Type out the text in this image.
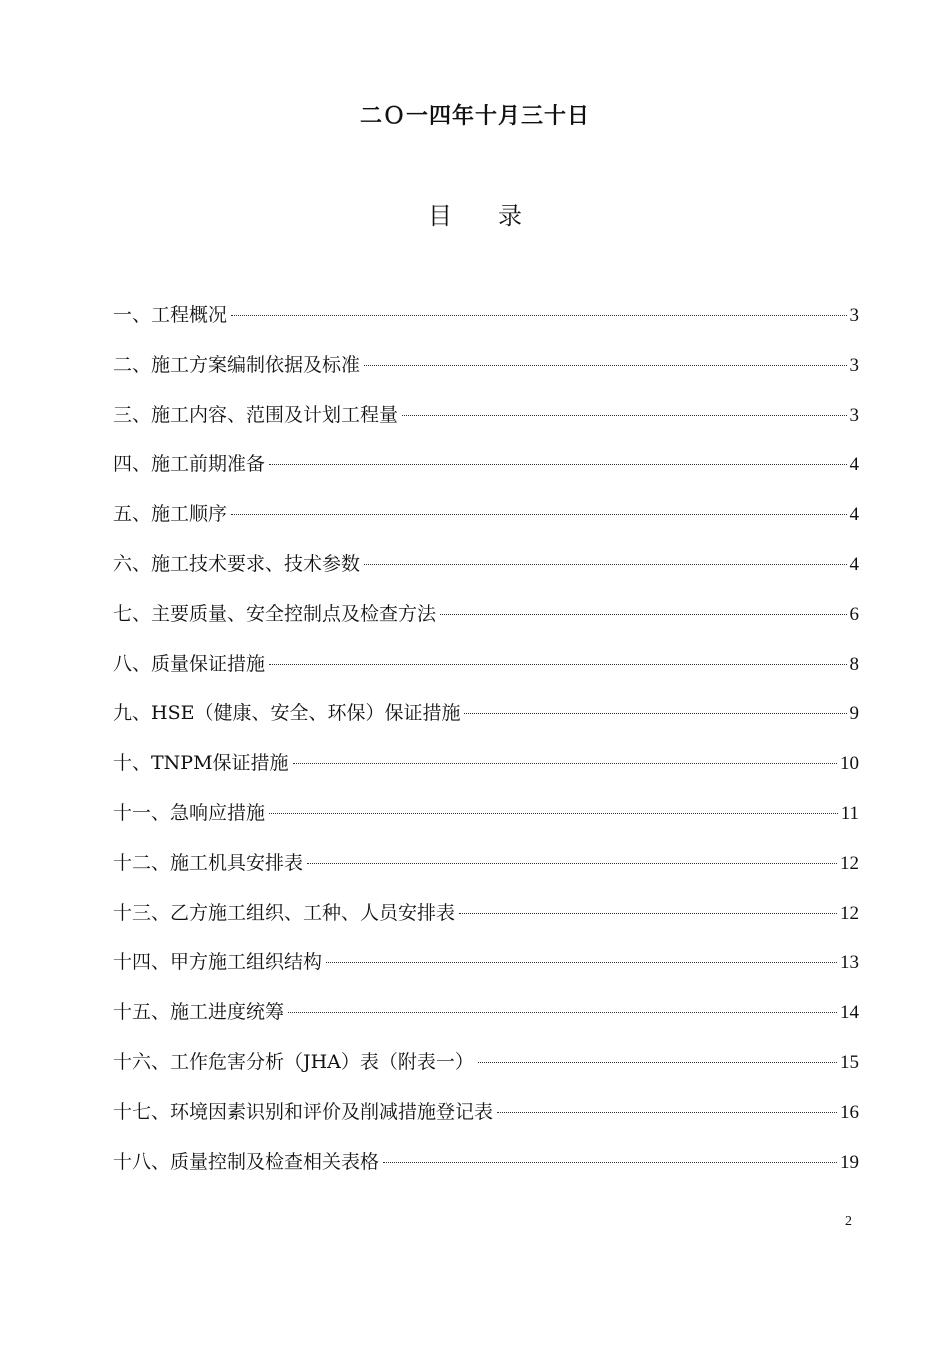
二Ｏ一四年十月三十日
目 录
一、工程概况	3
二、施工方案编制依据及标准	3
三、施工内容、范围及计划工程量	3
四、施工前期准备	4
五、施工顺序	4
六、施工技术要求、技术参数	4
七、主要质量、安全控制点及检查方法	6
八、质量保证措施	8
九、HSE（健康、安全、环保）保证措施	9
十、TNPM保证措施	10
十一、急响应措施	11
十二、施工机具安排表	12
十三、乙方施工组织、工种、人员安排表	12
十四、甲方施工组织结构	13
十五、施工进度统筹	14
十六、工作危害分析（JHA）表（附表一）	15
十七、环境因素识别和评价及削减措施登记表	16
十八、质量控制及检查相关表格	19
2
